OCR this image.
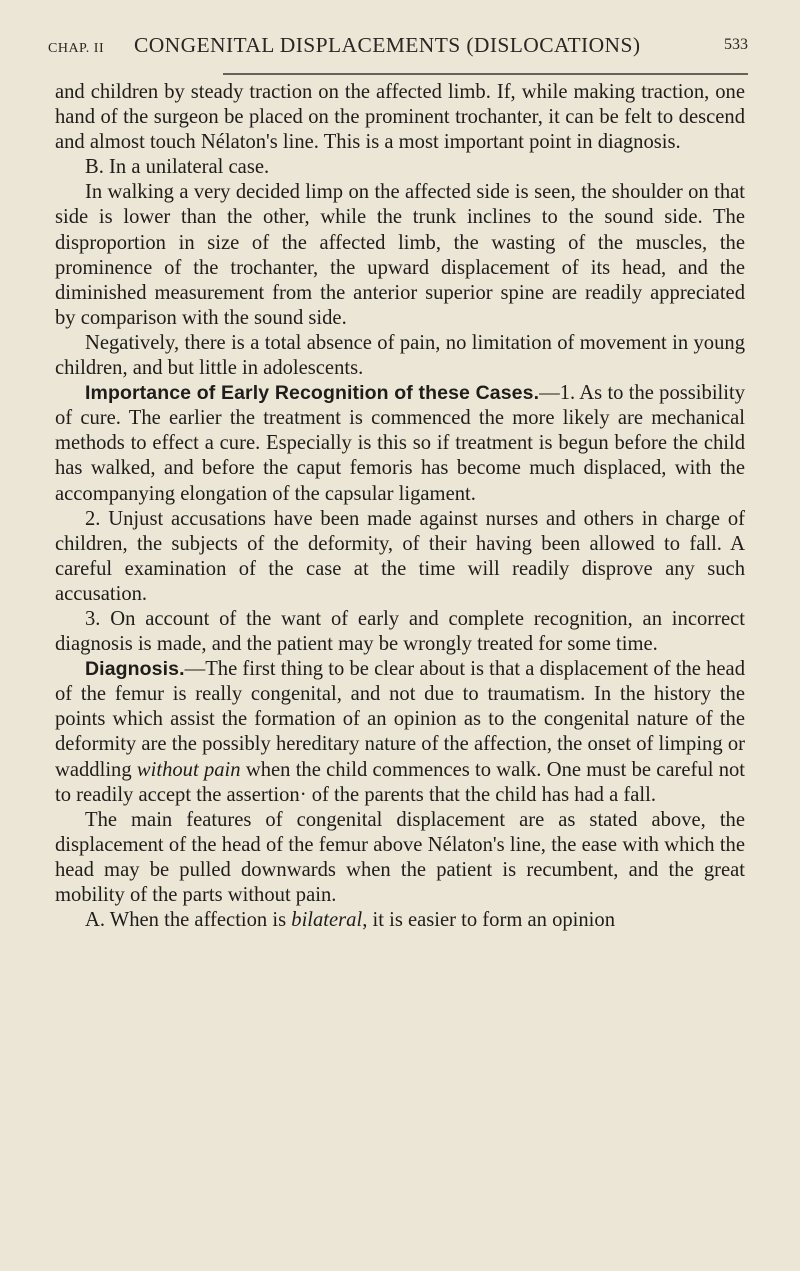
CHAP. II CONGENITAL DISPLACEMENTS (DISLOCATIONS)	533

and children by steady traction on the affected limb. If, while making traction, one hand of the surgeon be placed on the prominent trochanter, it can be felt to descend and almost touch Nélaton's line. This is a most important point in diagnosis.

B. In a unilateral case.

In walking a very decided limp on the affected side is seen, the shoulder on that side is lower than the other, while the trunk inclines to the sound side. The disproportion in size of the affected limb, the wasting of the muscles, the prominence of the trochanter, the upward displacement of its head, and the diminished measurement from the anterior superior spine are readily appreciated by comparison with the sound side.

Negatively, there is a total absence of pain, no limitation of movement in young children, and but little in adolescents.

Importance of Early Recognition of these Cases.—1. As to the possibility of cure. The earlier the treatment is commenced the more likely are mechanical methods to effect a cure. Especially is this so if treatment is begun before the child has walked, and before the caput femoris has become much displaced, with the accompanying elongation of the capsular ligament.

2. Unjust accusations have been made against nurses and others in charge of children, the subjects of the deformity, of their having been allowed to fall. A careful examination of the case at the time will readily disprove any such accusation.

3. On account of the want of early and complete recognition, an incorrect diagnosis is made, and the patient may be wrongly treated for some time.

Diagnosis.—The first thing to be clear about is that a displacement of the head of the femur is really congenital, and not due to traumatism. In the history the points which assist the formation of an opinion as to the congenital nature of the deformity are the possibly hereditary nature of the affection, the onset of limping or waddling without pain when the child commences to walk. One must be careful not to readily accept the assertion· of the parents that the child has had a fall.

The main features of congenital displacement are as stated above, the displacement of the head of the femur above Nélaton's line, the ease with which the head may be pulled downwards when the patient is recumbent, and the great mobility of the parts without pain.

A. When the affection is bilateral, it is easier to form an opinion
